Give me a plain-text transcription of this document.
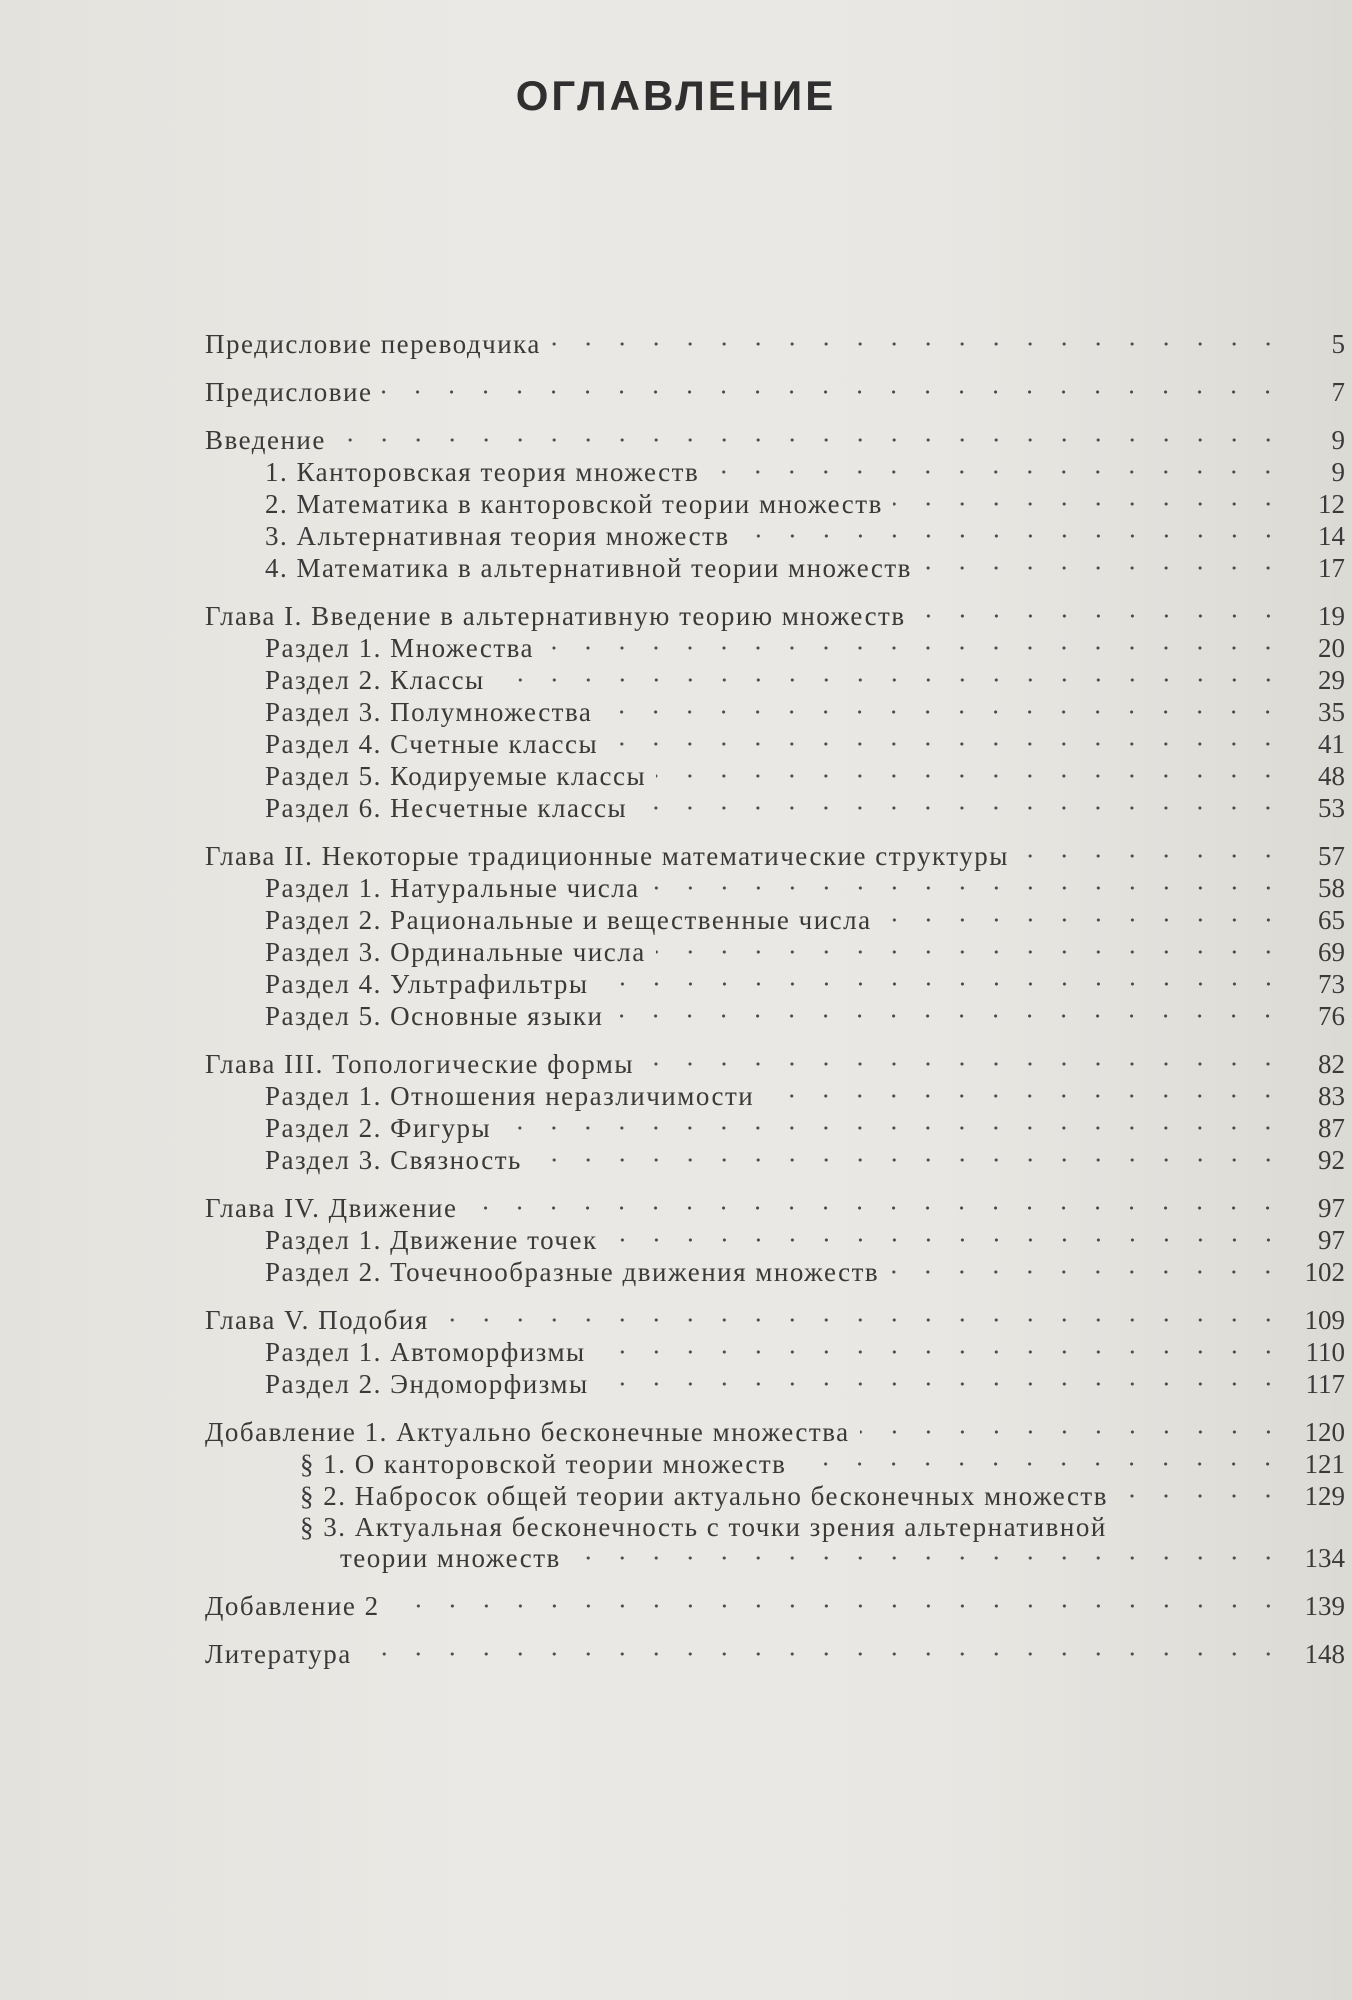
ОГЛАВЛЕНИЕ
Предисловие переводчика	5
Предисловие	7
Введение	9
1. Канторовская теория множеств	9
2. Математика в канторовской теории множеств	12
3. Альтернативная теория множеств	14
4. Математика в альтернативной теории множеств	17
Глава I. Введение в альтернативную теорию множеств	19
Раздел 1. Множества	20
Раздел 2. Классы	29
Раздел 3. Полумножества	35
Раздел 4. Счетные классы	41
Раздел 5. Кодируемые классы	48
Раздел 6. Несчетные классы	53
Глава II. Некоторые традиционные математические структуры	57
Раздел 1. Натуральные числа	58
Раздел 2. Рациональные и вещественные числа	65
Раздел 3. Ординальные числа	69
Раздел 4. Ультрафильтры	73
Раздел 5. Основные языки	76
Глава III. Топологические формы	82
Раздел 1. Отношения неразличимости	83
Раздел 2. Фигуры	87
Раздел 3. Связность	92
Глава IV. Движение	97
Раздел 1. Движение точек	97
Раздел 2. Точечнообразные движения множеств	102
Глава V. Подобия	109
Раздел 1. Автоморфизмы	110
Раздел 2. Эндоморфизмы	117
Добавление 1. Актуально бесконечные множества	120
§ 1. О канторовской теории множеств	121
§ 2. Набросок общей теории актуально бесконечных множеств	129
§ 3. Актуальная бесконечность с точки зрения альтернативной
теории множеств	134
Добавление 2	139
Литература	148
